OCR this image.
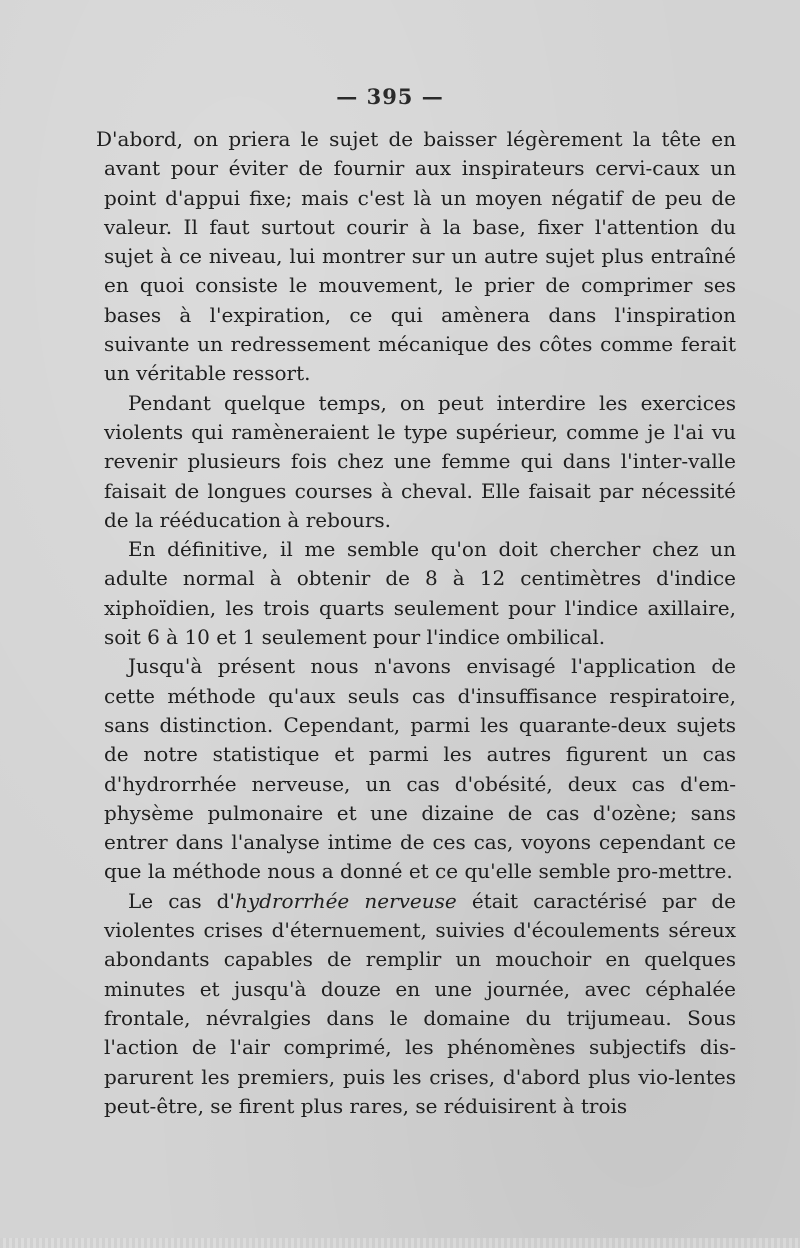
— 395 —

D'abord, on priera le sujet de baisser légèrement la tête en avant pour éviter de fournir aux inspirateurs cervi-caux un point d'appui fixe; mais c'est là un moyen négatif de peu de valeur. Il faut surtout courir à la base, fixer l'attention du sujet à ce niveau, lui montrer sur un autre sujet plus entraîné en quoi consiste le mouvement, le prier de comprimer ses bases à l'expiration, ce qui amènera dans l'inspiration suivante un redressement mécanique des côtes comme ferait un véritable ressort.

Pendant quelque temps, on peut interdire les exercices violents qui ramèneraient le type supérieur, comme je l'ai vu revenir plusieurs fois chez une femme qui dans l'inter-valle faisait de longues courses à cheval. Elle faisait par nécessité de la rééducation à rebours.

En définitive, il me semble qu'on doit chercher chez un adulte normal à obtenir de 8 à 12 centimètres d'indice xiphoïdien, les trois quarts seulement pour l'indice axillaire, soit 6 à 10 et 1 seulement pour l'indice ombilical.

Jusqu'à présent nous n'avons envisagé l'application de cette méthode qu'aux seuls cas d'insuffisance respiratoire, sans distinction. Cependant, parmi les quarante-deux sujets de notre statistique et parmi les autres figurent un cas d'hydrorrhée nerveuse, un cas d'obésité, deux cas d'em-physème pulmonaire et une dizaine de cas d'ozène; sans entrer dans l'analyse intime de ces cas, voyons cependant ce que la méthode nous a donné et ce qu'elle semble pro-mettre.

Le cas d'hydrorrhée nerveuse était caractérisé par de violentes crises d'éternuement, suivies d'écoulements séreux abondants capables de remplir un mouchoir en quelques minutes et jusqu'à douze en une journée, avec céphalée frontale, névralgies dans le domaine du trijumeau. Sous l'action de l'air comprimé, les phénomènes subjectifs dis-parurent les premiers, puis les crises, d'abord plus vio-lentes peut-être, se firent plus rares, se réduisirent à trois
